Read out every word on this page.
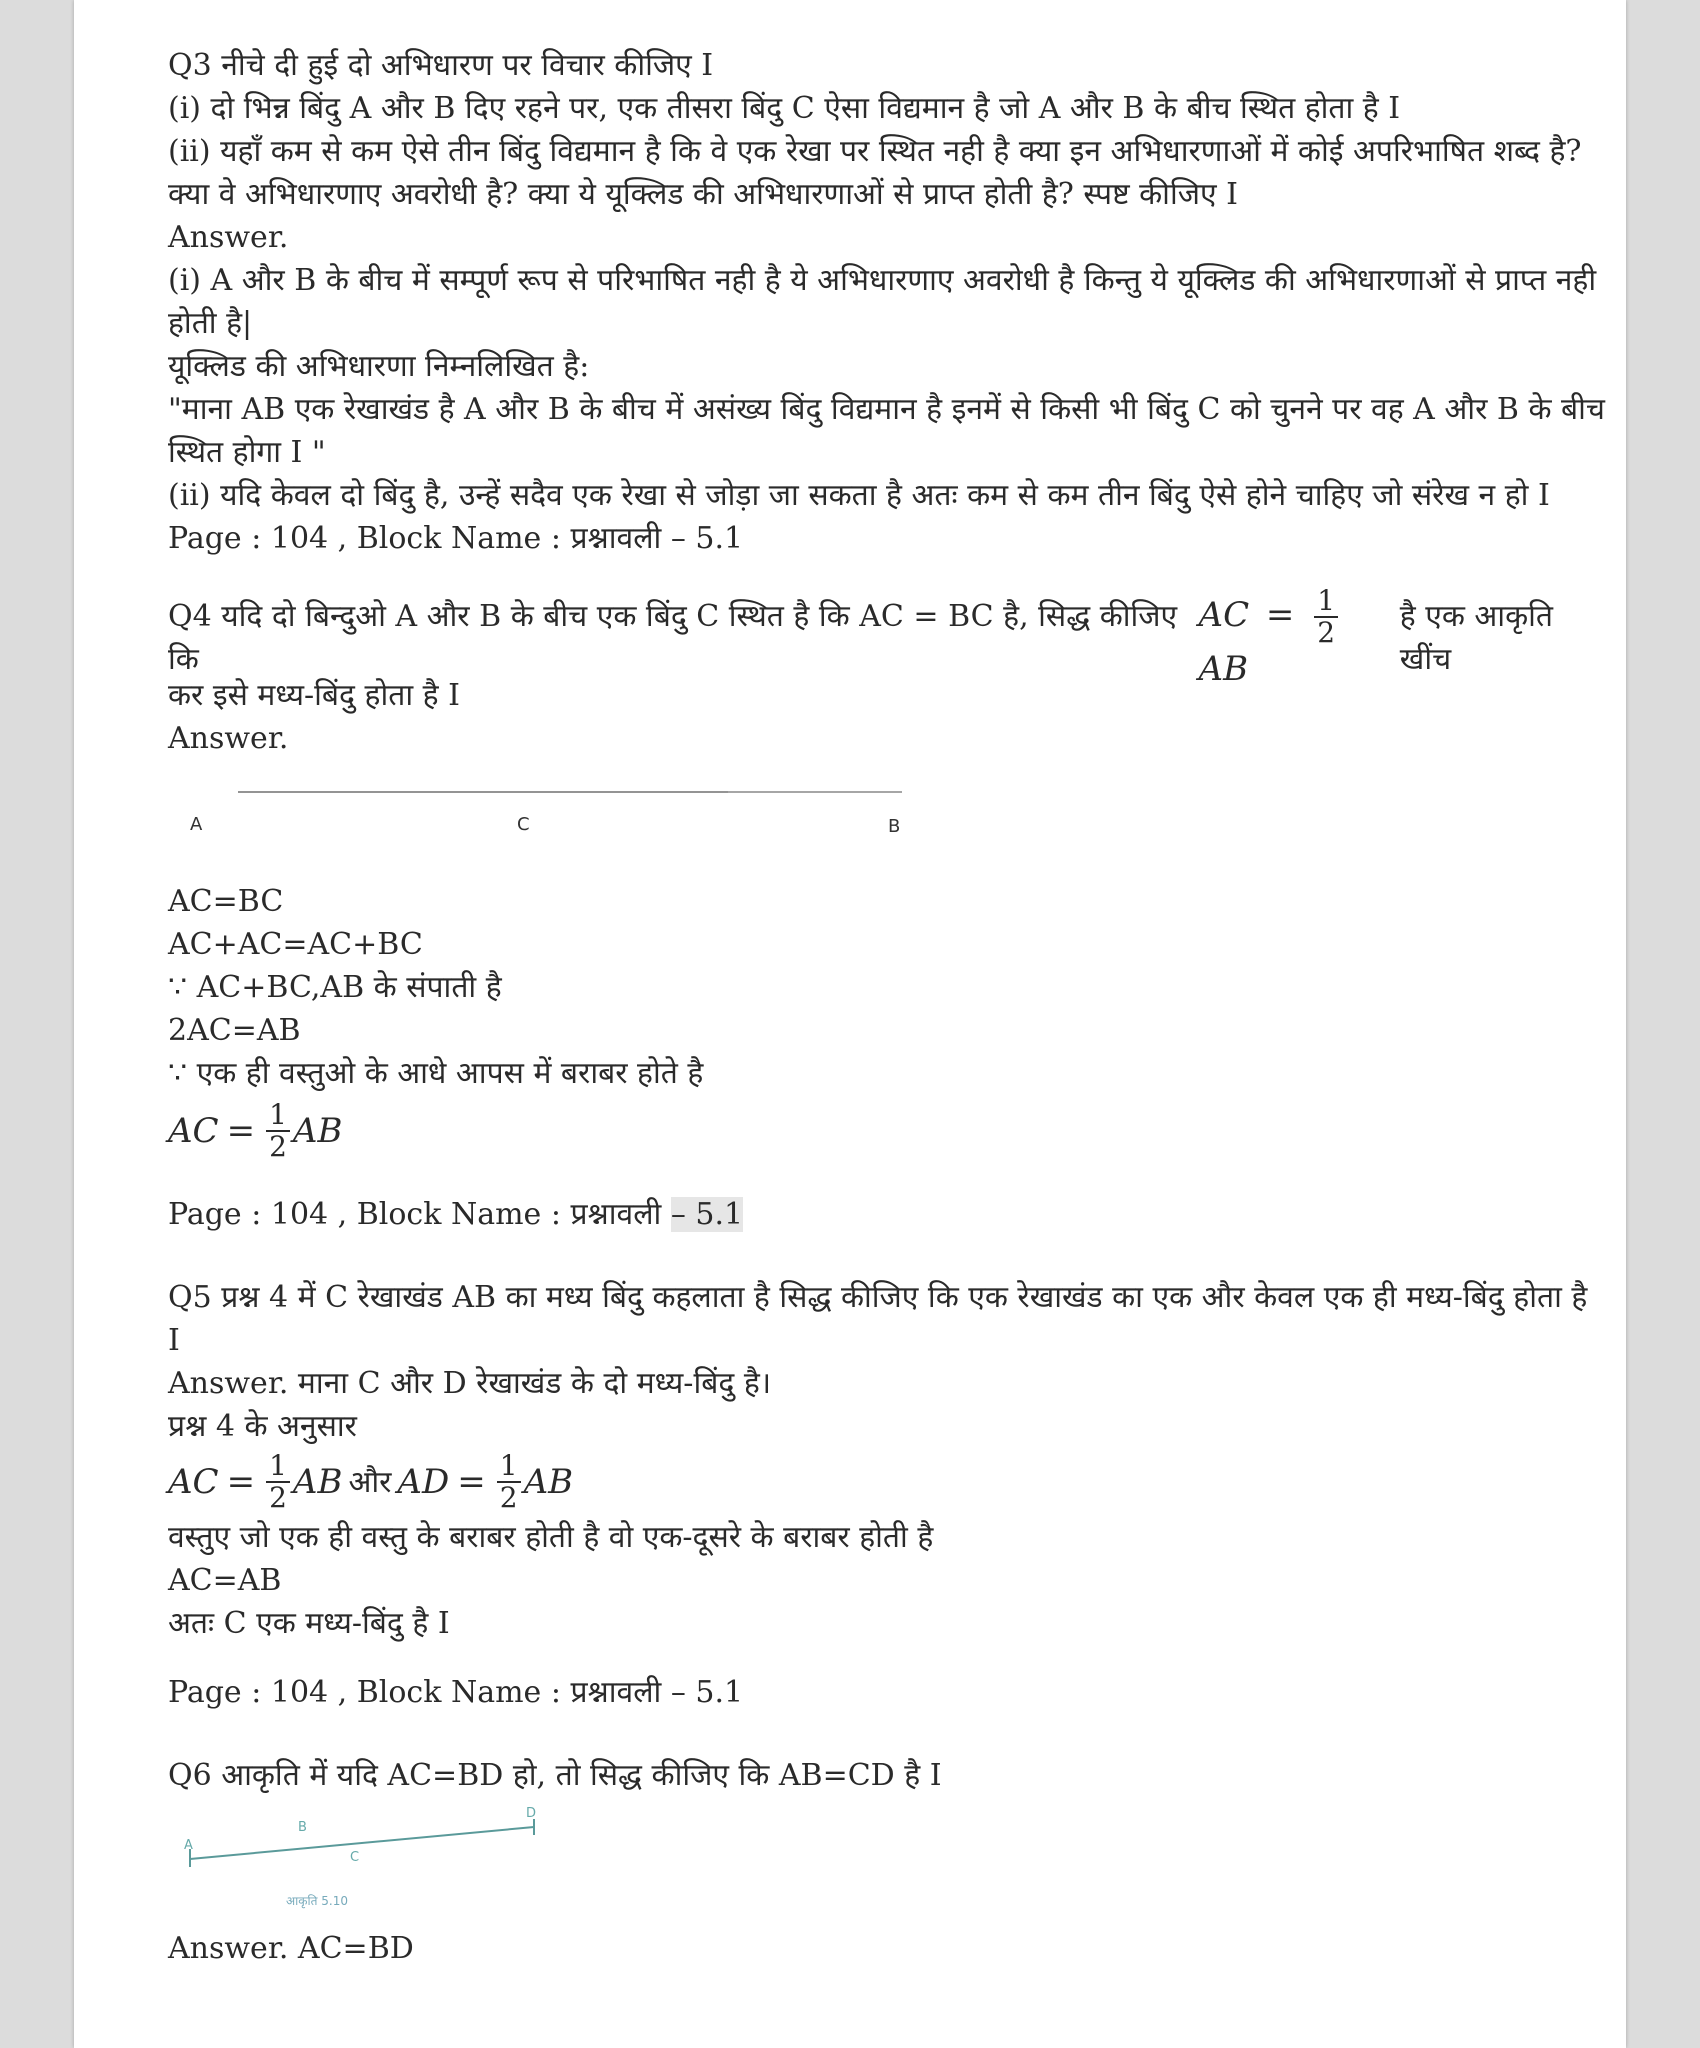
Q3 नीचे दी हुई दो अभिधारण पर विचार कीजिए I

(i) दो भिन्न बिंदु A और B दिए रहने पर, एक तीसरा बिंदु C ऐसा विद्यमान है जो A और B के बीच स्थित होता है I

(ii) यहाँ कम से कम ऐसे तीन बिंदु विद्यमान है कि वे एक रेखा पर स्थित नही है क्या इन अभिधारणाओं में कोई अपरिभाषित शब्द है?

क्या वे अभिधारणाए अवरोधी है? क्या ये यूक्लिड की अभिधारणाओं से प्राप्त होती है? स्पष्ट कीजिए I

Answer.

(i) A और B के बीच में सम्पूर्ण रूप से परिभाषित नही है ये अभिधारणाए अवरोधी है किन्तु ये यूक्लिड की अभिधारणाओं से प्राप्त नही

होती है|

यूक्लिड की अभिधारणा निम्नलिखित है:

"माना AB एक रेखाखंड है A और B के बीच में असंख्य बिंदु विद्यमान है इनमें से किसी भी बिंदु C को चुनने पर वह A और B के बीच

स्थित होगा I "

(ii) यदि केवल दो बिंदु है, उन्हें सदैव एक रेखा से जोड़ा जा सकता है अतः कम से कम तीन बिंदु ऐसे होने चाहिए जो संरेख न हो I

Page : 104 , Block Name : प्रश्नावली – 5.1

Q4 यदि दो बिन्दुओ A और B के बीच एक बिंदु C स्थित है कि AC = BC है, सिद्ध कीजिए कि
AC = $\frac{1}{2}$
AB
है एक आकृति खींच

कर इसे मध्य-बिंदु होता है I

Answer.

A	C	B

AC=BC

AC+AC=AC+BC

∵ AC+BC,AB के संपाती है

2AC=AB

∵ एक ही वस्तुओ के आधे आपस में बराबर होते है

AC = $\frac{1}{2}$ AB

Page : 104 , Block Name : प्रश्नावली – 5.1

Q5 प्रश्न 4 में C रेखाखंड AB का मध्य बिंदु कहलाता है सिद्ध कीजिए कि एक रेखाखंड का एक और केवल एक ही मध्य-बिंदु होता है

I

Answer. माना C और D रेखाखंड के दो मध्य-बिंदु है।

प्रश्न 4 के अनुसार

AC = $\frac{1}{2}$ AB और AD = $\frac{1}{2}$ AB

वस्तुए जो एक ही वस्तु के बराबर होती है वो एक-दूसरे के बराबर होती है

AC=AB

अतः C एक मध्य-बिंदु है I

Page : 104 , Block Name : प्रश्नावली – 5.1

Q6 आकृति में यदि AC=BD हो, तो सिद्ध कीजिए कि AB=CD है I

A
B
C
D
आकृति 5.10

Answer. AC=BD
